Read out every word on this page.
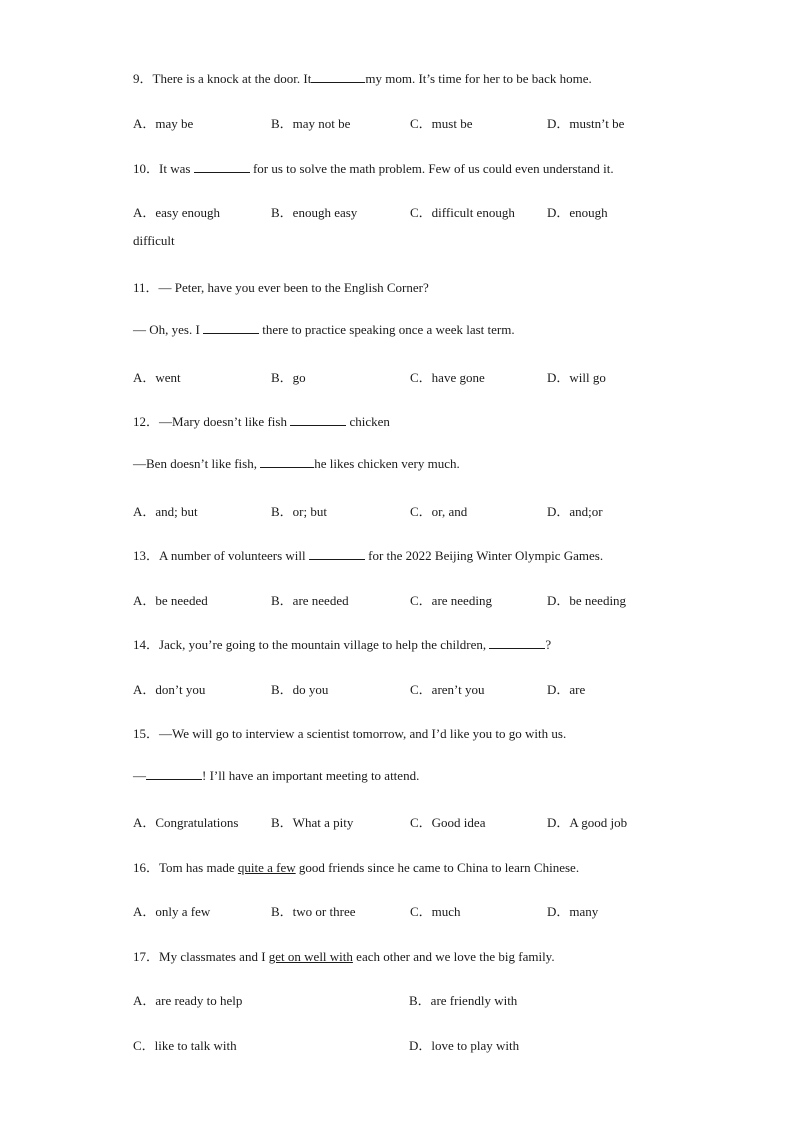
9．There is a knock at the door. It	my mom. It’s time for her to be back home.
A．may be	B．may not be	C．must be	D．mustn’t be
10．It was	for us to solve the math problem. Few of us could even understand it.
A．easy enough	B．enough easy	C．difficult enough D．enough
difficult
11．— Peter, have you ever been to the English Corner?
— Oh, yes. I	there to practice speaking once a week last term.
A．went	B．go	C．have gone	D．will go
12．—Mary doesn’t like fish	chicken
—Ben doesn’t like fish,	he likes chicken very much.
A．and; but	B．or; but	C．or, and	D．and;or
13．A number of volunteers will	for the 2022 Beijing Winter Olympic Games.
A．be needed	B．are needed	C．are needing	D．be needing
14．Jack, you’re going to the mountain village to help the children,	?
A．don’t you	B．do you	C．aren’t you	D．are
15．—We will go to interview a scientist tomorrow, and I’d like you to go with us.
—	! I’ll have an important meeting to attend.
A．Congratulations	B．What a pity	C．Good idea	D．A good job
16．Tom has made quite a few good friends since he came to China to learn Chinese.
A．only a few	B．two or three	C．much	D．many
17．My classmates and I get on well with each other and we love the big family.
A．are ready to help	B．are friendly with
C．like to talk with	D．love to play with
